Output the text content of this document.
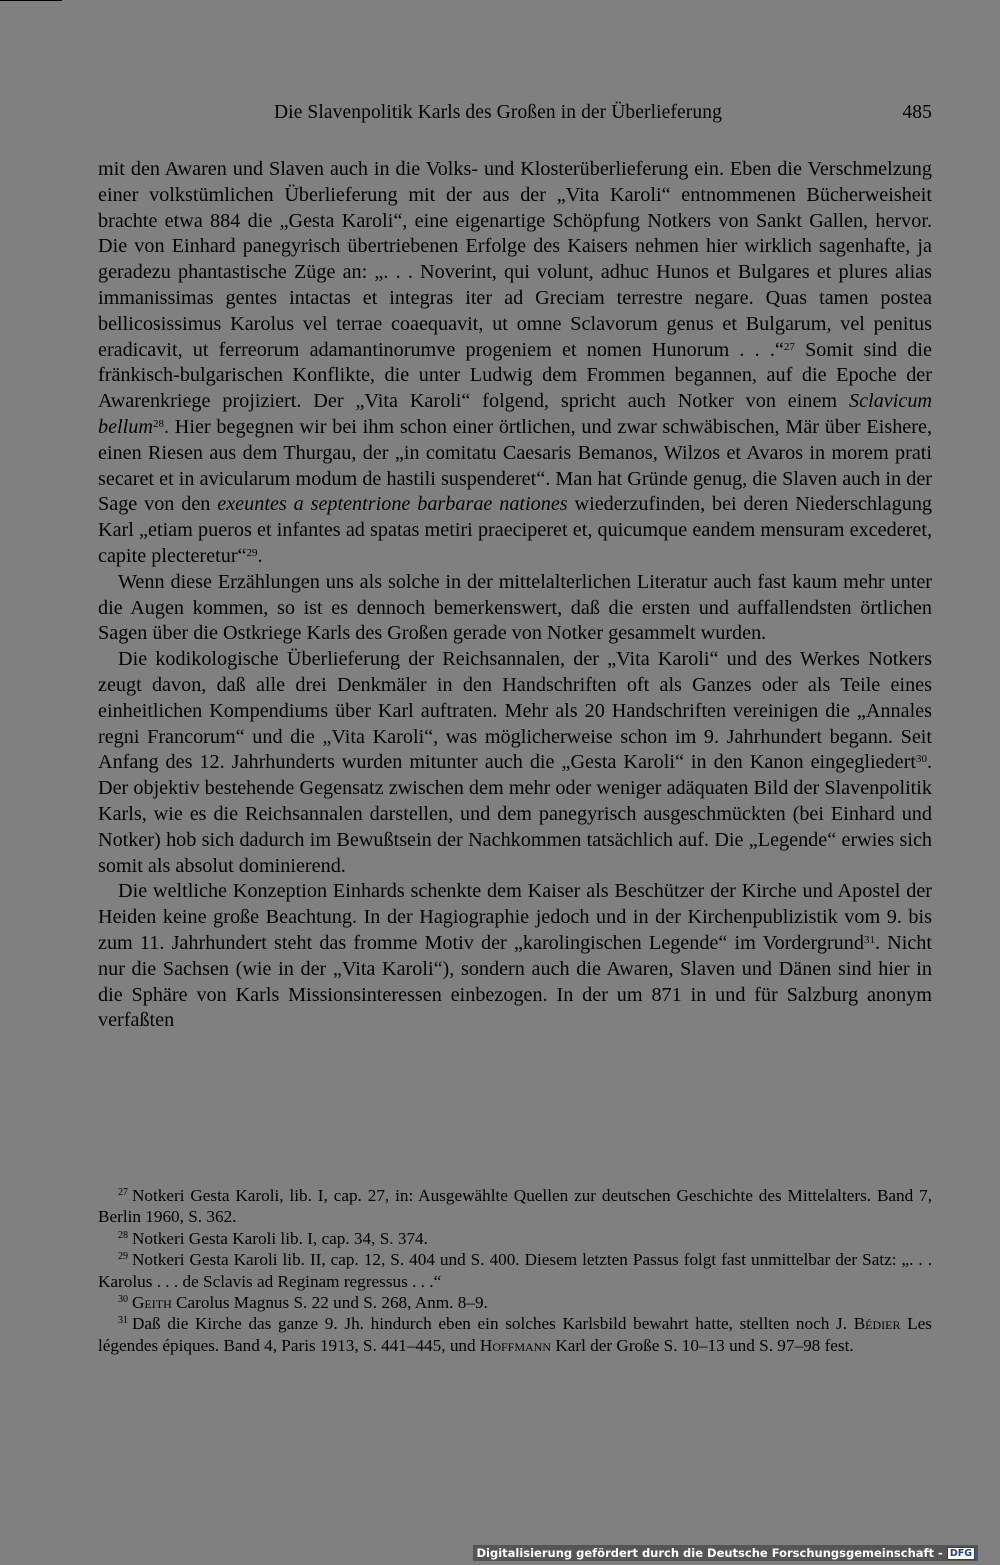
Die Slavenpolitik Karls des Großen in der Überlieferung	485

mit den Awaren und Slaven auch in die Volks- und Klosterüberlieferung ein. Eben die Verschmelzung einer volkstümlichen Überlieferung mit der aus der „Vita Karoli“ entnommenen Bücherweisheit brachte etwa 884 die „Gesta Karoli“, eine eigenartige Schöpfung Notkers von Sankt Gallen, hervor. Die von Einhard panegyrisch übertriebenen Erfolge des Kaisers nehmen hier wirklich sagenhafte, ja geradezu phantastische Züge an: „. . . Noverint, qui volunt, adhuc Hunos et Bulgares et plures alias immanissimas gentes intactas et integras iter ad Greciam terrestre negare. Quas tamen postea bellicosissimus Karolus vel terrae coaequavit, ut omne Sclavorum genus et Bulgarum, vel penitus eradicavit, ut ferreorum adamantinorumve progeniem et nomen Hunorum . . .“$^{27}$ Somit sind die fränkisch-bulgarischen Konflikte, die unter Ludwig dem Frommen begannen, auf die Epoche der Awarenkriege projiziert. Der „Vita Karoli“ folgend, spricht auch Notker von einem Sclavicum bellum$^{28}$. Hier begegnen wir bei ihm schon einer örtlichen, und zwar schwäbischen, Mär über Eishere, einen Riesen aus dem Thurgau, der „in comitatu Caesaris Bemanos, Wilzos et Avaros in morem prati secaret et in avicularum modum de hastili suspenderet“. Man hat Gründe genug, die Slaven auch in der Sage von den exeuntes a septentrione barbarae nationes wiederzufinden, bei deren Niederschlagung Karl „etiam pueros et infantes ad spatas metiri praeciperet et, quicumque eandem mensuram excederet, capite plecteretur“$^{29}$.

Wenn diese Erzählungen uns als solche in der mittelalterlichen Literatur auch fast kaum mehr unter die Augen kommen, so ist es dennoch bemerkenswert, daß die ersten und auffallendsten örtlichen Sagen über die Ostkriege Karls des Großen gerade von Notker gesammelt wurden.

Die kodikologische Überlieferung der Reichsannalen, der „Vita Karoli“ und des Werkes Notkers zeugt davon, daß alle drei Denkmäler in den Handschriften oft als Ganzes oder als Teile eines einheitlichen Kompendiums über Karl auftraten. Mehr als 20 Handschriften vereinigen die „Annales regni Francorum“ und die „Vita Karoli“, was möglicherweise schon im 9. Jahrhundert begann. Seit Anfang des 12. Jahrhunderts wurden mitunter auch die „Gesta Karoli“ in den Kanon eingegliedert$^{30}$. Der objektiv bestehende Gegensatz zwischen dem mehr oder weniger adäquaten Bild der Slavenpolitik Karls, wie es die Reichsannalen darstellen, und dem panegyrisch ausgeschmückten (bei Einhard und Notker) hob sich dadurch im Bewußtsein der Nachkommen tatsächlich auf. Die „Legende“ erwies sich somit als absolut dominierend.

Die weltliche Konzeption Einhards schenkte dem Kaiser als Beschützer der Kirche und Apostel der Heiden keine große Beachtung. In der Hagiographie jedoch und in der Kirchenpublizistik vom 9. bis zum 11. Jahrhundert steht das fromme Motiv der „karolingischen Legende“ im Vordergrund$^{31}$. Nicht nur die Sachsen (wie in der „Vita Karoli“), sondern auch die Awaren, Slaven und Dänen sind hier in die Sphäre von Karls Missionsinteressen einbezogen. In der um 871 in und für Salzburg anonym verfaßten

$^{27}$ Notkeri Gesta Karoli, lib. I, cap. 27, in: Ausgewählte Quellen zur deutschen Geschichte des Mittelalters. Band 7, Berlin 1960, S. 362.

$^{28}$ Notkeri Gesta Karoli lib. I, cap. 34, S. 374.

$^{29}$ Notkeri Gesta Karoli lib. II, cap. 12, S. 404 und S. 400. Diesem letzten Passus folgt fast unmittelbar der Satz: „. . . Karolus . . . de Sclavis ad Reginam regressus . . .“

$^{30}$ Geith Carolus Magnus S. 22 und S. 268, Anm. 8–9.

$^{31}$ Daß die Kirche das ganze 9. Jh. hindurch eben ein solches Karlsbild bewahrt hatte, stellten noch J. Bédier Les légendes épiques. Band 4, Paris 1913, S. 441–445, und Hoffmann Karl der Große S. 10–13 und S. 97–98 fest.

Digitalisierung gefördert durch die Deutsche Forschungsgemeinschaft - DFG
